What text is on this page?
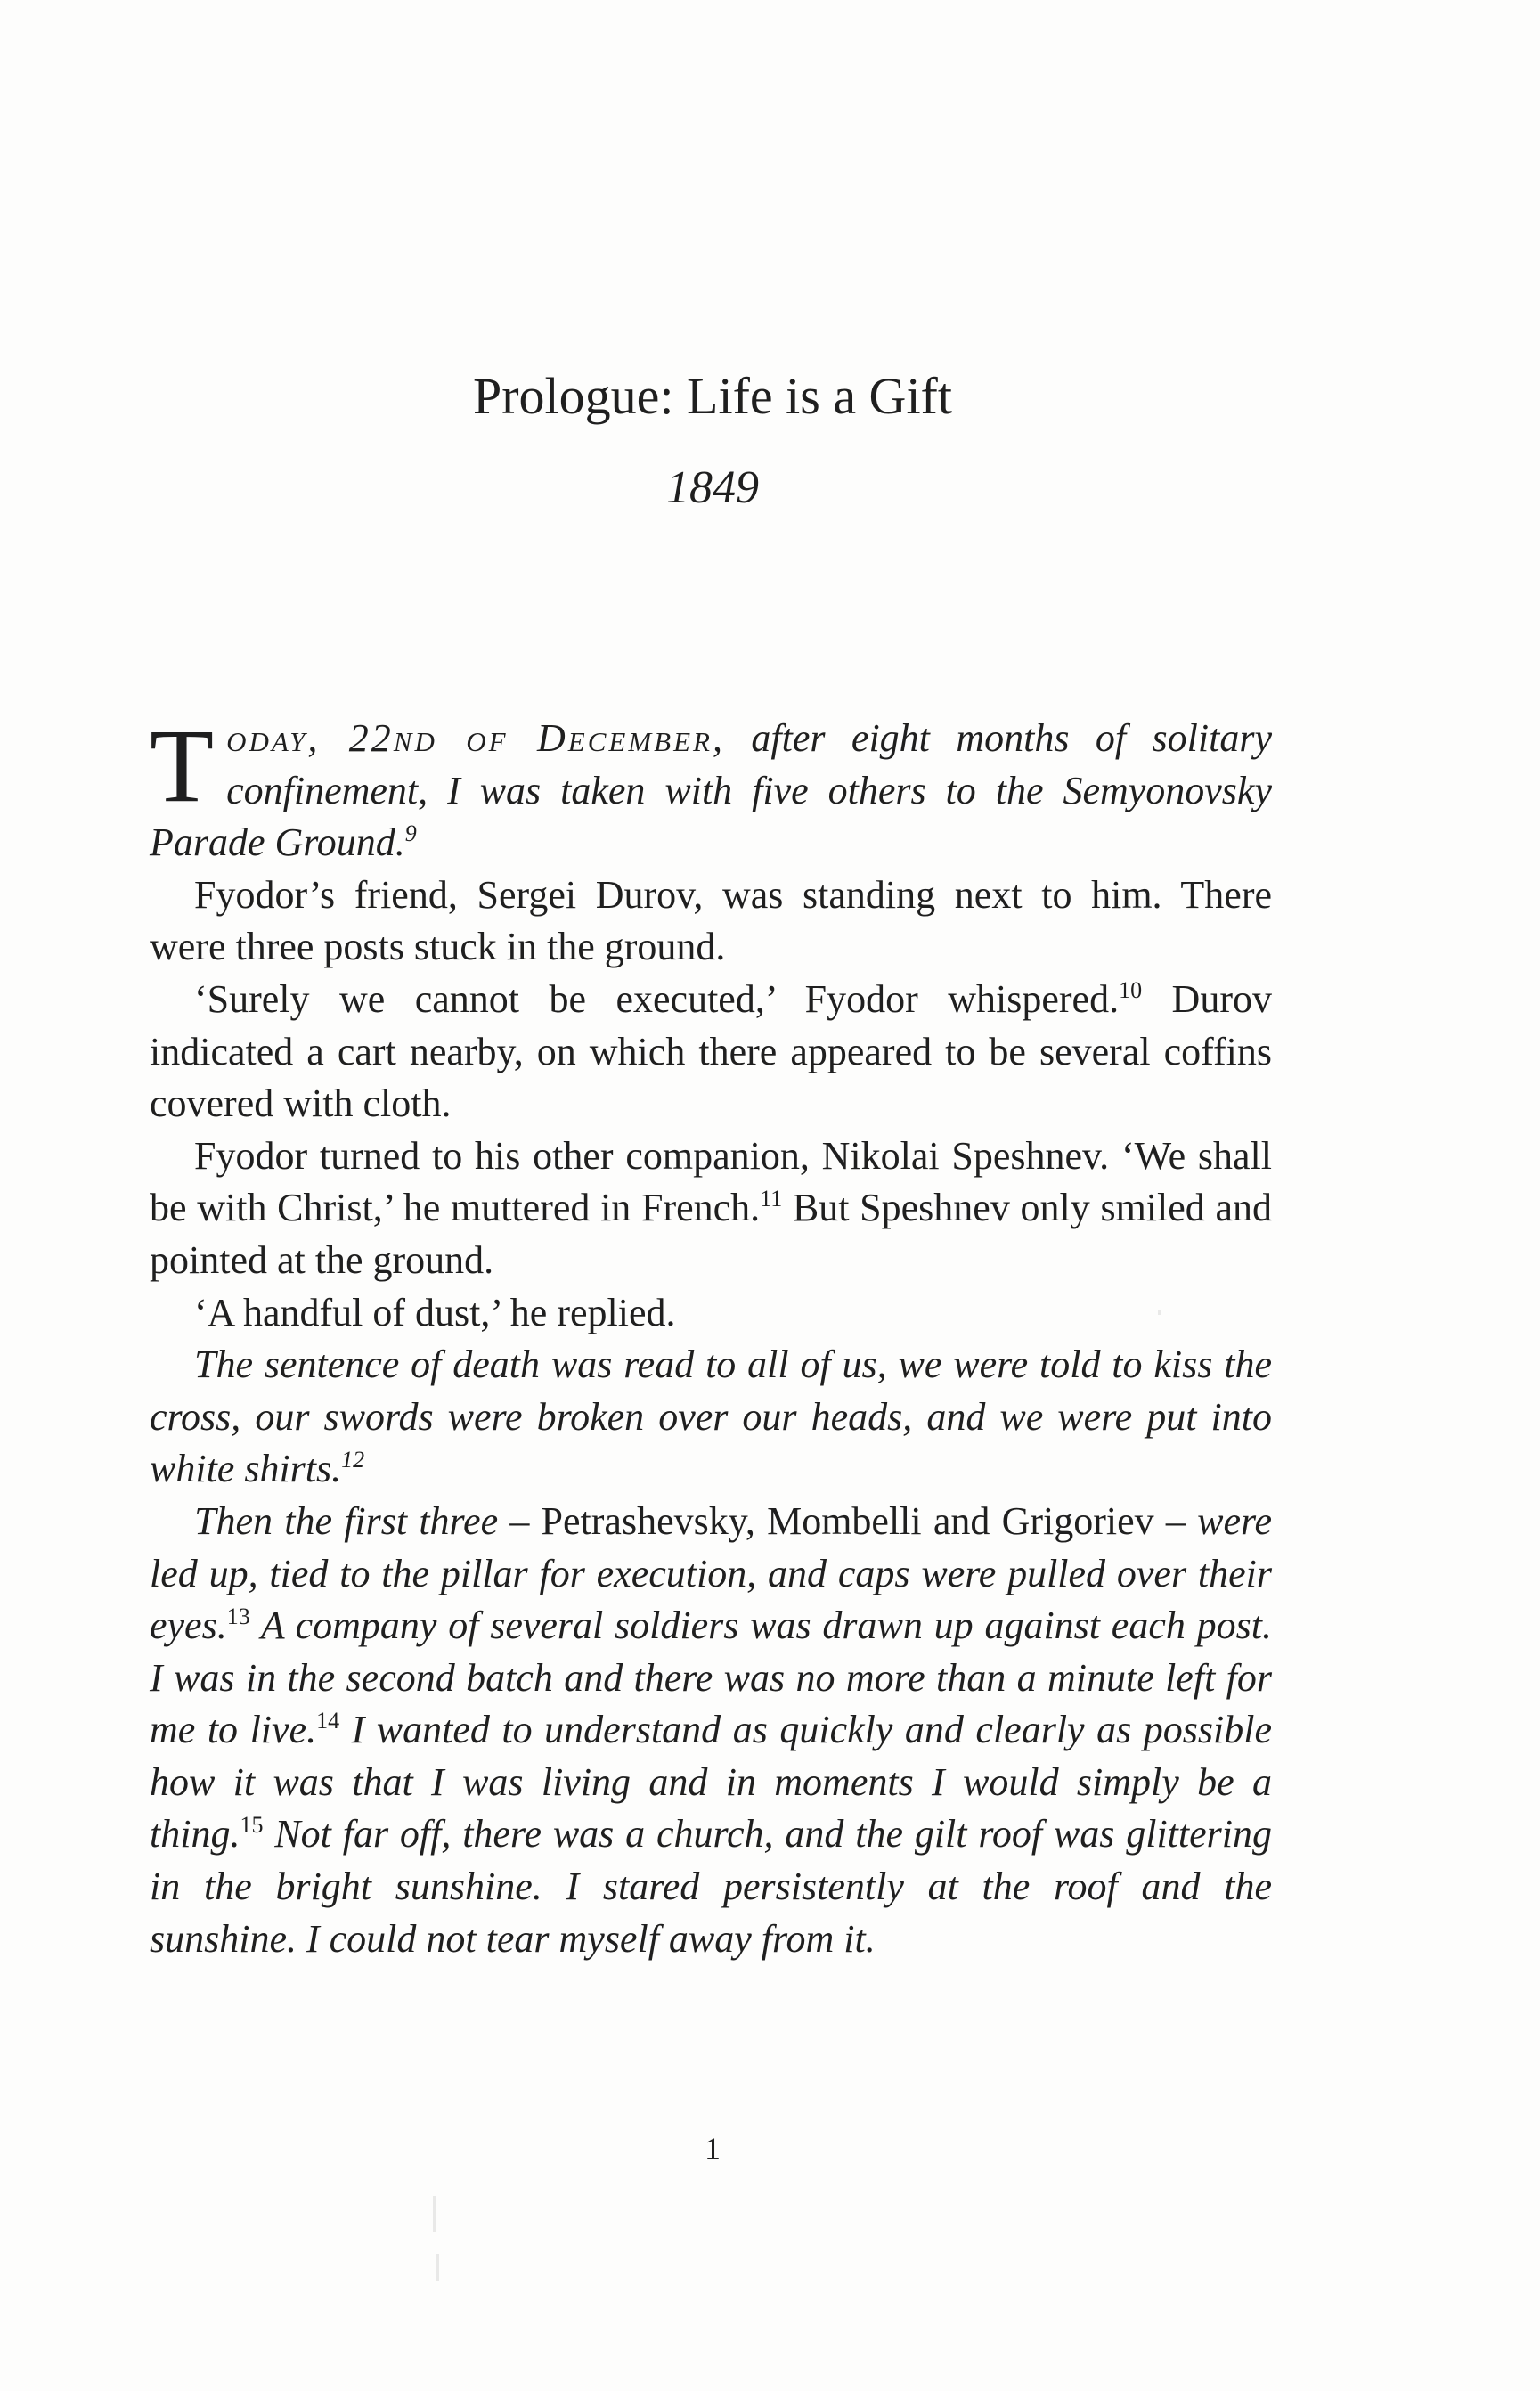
Prologue: Life is a Gift
1849

Today, 22nd of December, after eight months of solitary confinement, I was taken with five others to the Semyonovsky Parade Ground.$^9$

Fyodor’s friend, Sergei Durov, was standing next to him. There were three posts stuck in the ground.

‘Surely we cannot be executed,’ Fyodor whispered.$^{10}$ Durov indicated a cart nearby, on which there appeared to be several coffins covered with cloth.

Fyodor turned to his other companion, Nikolai Speshnev. ‘We shall be with Christ,’ he muttered in French.$^{11}$ But Speshnev only smiled and pointed at the ground.

‘A handful of dust,’ he replied.

The sentence of death was read to all of us, we were told to kiss the cross, our swords were broken over our heads, and we were put into white shirts.$^{12}$

Then the first three – Petrashevsky, Mombelli and Grigoriev – were led up, tied to the pillar for execution, and caps were pulled over their eyes.$^{13}$ A company of several soldiers was drawn up against each post. I was in the second batch and there was no more than a minute left for me to live.$^{14}$ I wanted to understand as quickly and clearly as possible how it was that I was living and in moments I would simply be a thing.$^{15}$ Not far off, there was a church, and the gilt roof was glittering in the bright sunshine. I stared persistently at the roof and the sunshine. I could not tear myself away from it.

1
